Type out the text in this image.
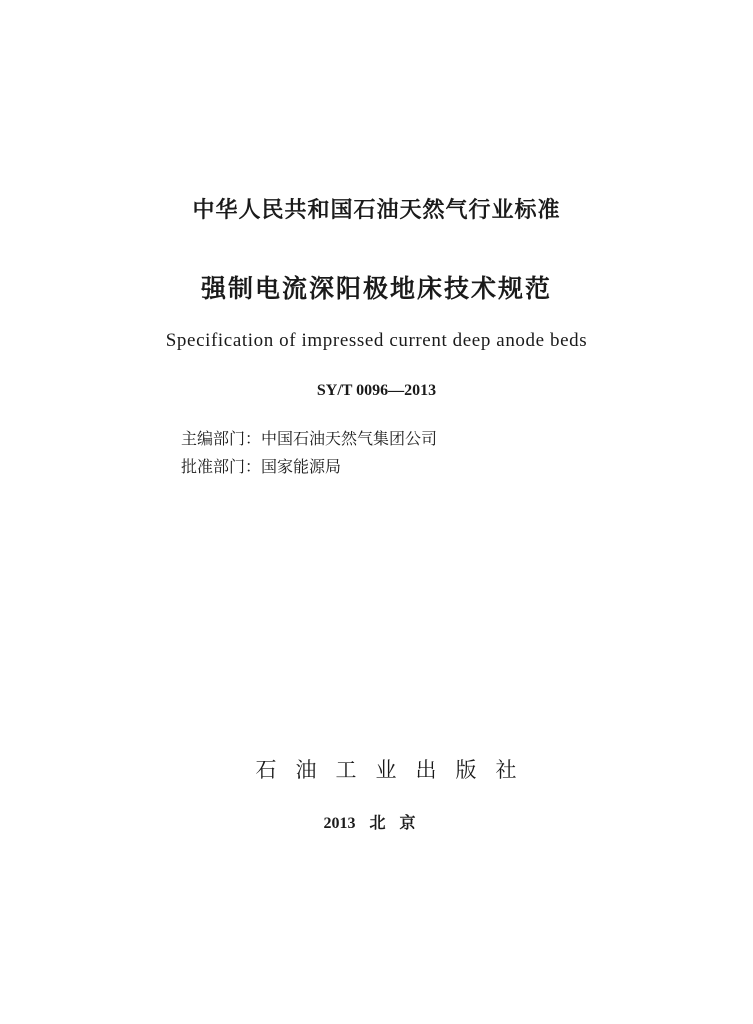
中华人民共和国石油天然气行业标准
强制电流深阳极地床技术规范
Specification of impressed current deep anode beds
SY/T 0096—2013
主编部门：中国石油天然气集团公司
批准部门：国家能源局
石油工业出版社
2013 北京
